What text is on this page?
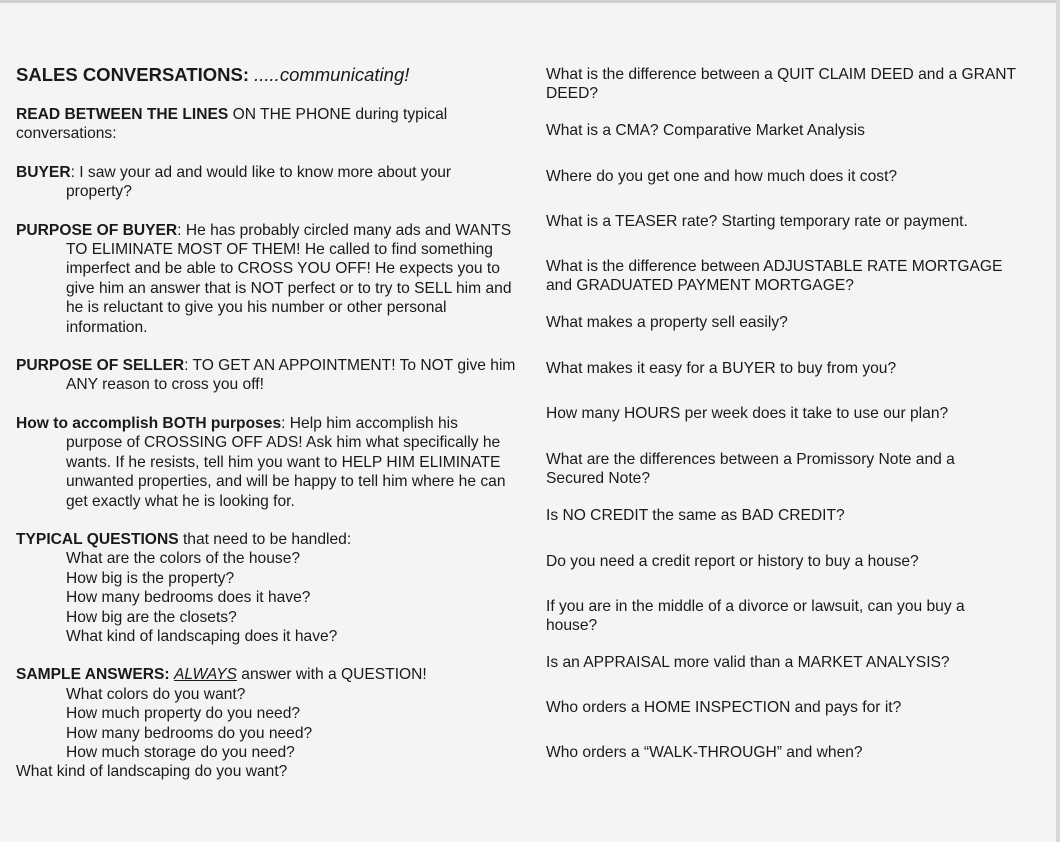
SALES CONVERSATIONS: .....communicating!

READ BETWEEN THE LINES ON THE PHONE during typical conversations:

BUYER: I saw your ad and would like to know more about your property?

PURPOSE OF BUYER: He has probably circled many ads and WANTS TO ELIMINATE MOST OF THEM! He called to find something imperfect and be able to CROSS YOU OFF! He expects you to give him an answer that is NOT perfect or to try to SELL him and he is reluctant to give you his number or other personal information.

PURPOSE OF SELLER: TO GET AN APPOINTMENT! To NOT give him ANY reason to cross you off!

How to accomplish BOTH purposes: Help him accomplish his purpose of CROSSING OFF ADS! Ask him what specifically he wants. If he resists, tell him you want to HELP HIM ELIMINATE unwanted properties, and will be happy to tell him where he can get exactly what he is looking for.

TYPICAL QUESTIONS that need to be handled:

What are the colors of the house?
How big is the property?
How many bedrooms does it have?
How big are the closets?
What kind of landscaping does it have?

SAMPLE ANSWERS: ALWAYS answer with a QUESTION!

What colors do you want?
How much property do you need?
How many bedrooms do you need?
How much storage do you need?
What kind of landscaping do you want?

What is the difference between a QUIT CLAIM DEED and a GRANT DEED?

What is a CMA? Comparative Market Analysis

Where do you get one and how much does it cost?

What is a TEASER rate? Starting temporary rate or payment.

What is the difference between ADJUSTABLE RATE MORTGAGE and GRADUATED PAYMENT MORTGAGE?

What makes a property sell easily?

What makes it easy for a BUYER to buy from you?

How many HOURS per week does it take to use our plan?

What are the differences between a Promissory Note and a Secured Note?

Is NO CREDIT the same as BAD CREDIT?

Do you need a credit report or history to buy a house?

If you are in the middle of a divorce or lawsuit, can you buy a house?

Is an APPRAISAL more valid than a MARKET ANALYSIS?

Who orders a HOME INSPECTION and pays for it?

Who orders a “WALK-THROUGH” and when?
